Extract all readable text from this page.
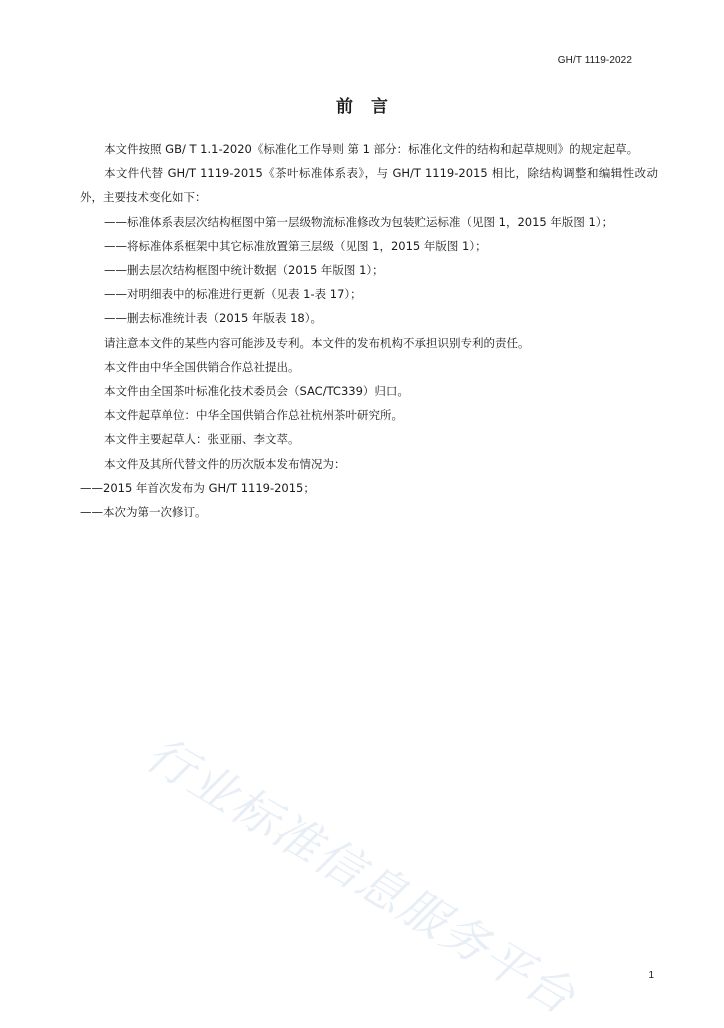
GH/T 1119-2022
前言

本文件按照 GB/ T 1.1-2020《标准化工作导则 第 1 部分：标准化文件的结构和起草规则》的规定起草。

本文件代替 GH/T 1119-2015《茶叶标准体系表》，与 GH/T 1119-2015 相比，除结构调整和编辑性改动外，主要技术变化如下：

——标准体系表层次结构框图中第一层级物流标准修改为包装贮运标准（见图 1，2015 年版图 1）；

——将标准体系框架中其它标准放置第三层级（见图 1，2015 年版图 1）；

——删去层次结构框图中统计数据（2015 年版图 1）；

——对明细表中的标准进行更新（见表 1-表 17）；

——删去标准统计表（2015 年版表 18）。

请注意本文件的某些内容可能涉及专利。本文件的发布机构不承担识别专利的责任。

本文件由中华全国供销合作总社提出。

本文件由全国茶叶标准化技术委员会（SAC/TC339）归口。

本文件起草单位：中华全国供销合作总社杭州茶叶研究所。

本文件主要起草人：张亚丽、李文萃。

本文件及其所代替文件的历次版本发布情况为：

——2015 年首次发布为 GH/T 1119-2015；

——本次为第一次修订。

行业标准信息服务平台	1
